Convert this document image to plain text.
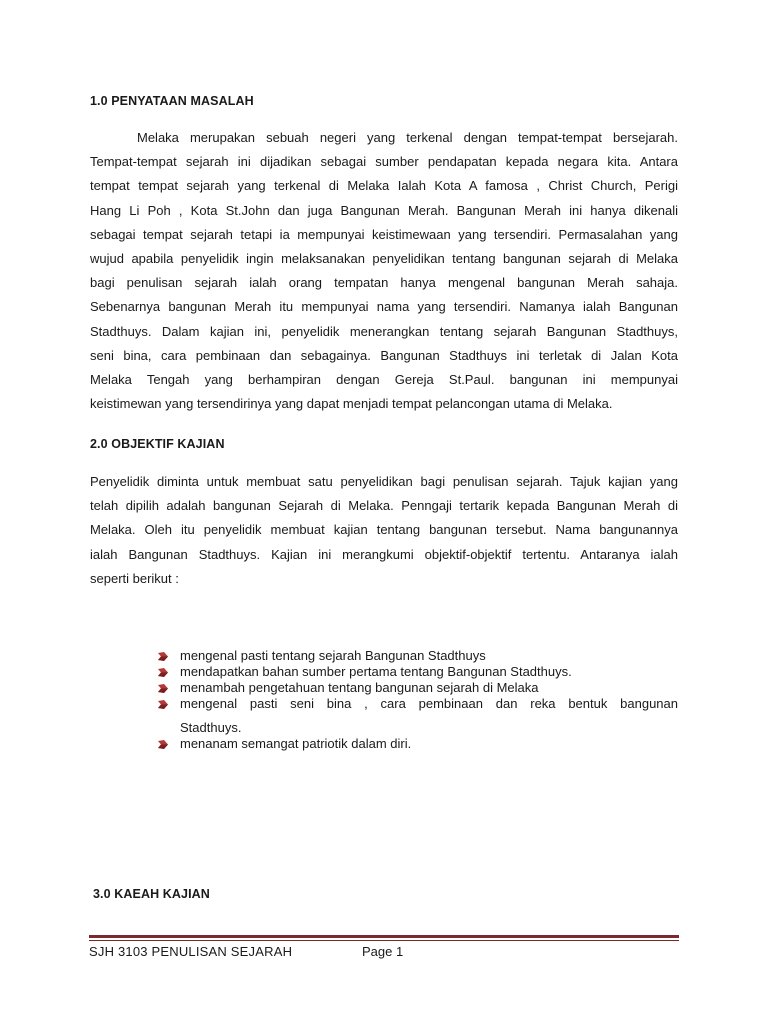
1.0 PENYATAAN MASALAH
Melaka merupakan sebuah negeri yang terkenal dengan tempat-tempat bersejarah.
Tempat-tempat sejarah ini dijadikan sebagai sumber pendapatan kepada negara kita. Antara
tempat tempat sejarah yang terkenal di Melaka Ialah Kota A famosa , Christ Church, Perigi
Hang Li Poh , Kota St.John dan juga Bangunan Merah. Bangunan Merah ini hanya dikenali
sebagai tempat sejarah tetapi ia mempunyai keistimewaan yang tersendiri. Permasalahan yang
wujud apabila penyelidik ingin melaksanakan penyelidikan tentang bangunan sejarah di Melaka
bagi penulisan sejarah ialah orang tempatan hanya mengenal bangunan Merah sahaja.
Sebenarnya bangunan Merah itu mempunyai nama yang tersendiri. Namanya ialah Bangunan
Stadthuys. Dalam kajian ini, penyelidik menerangkan tentang sejarah Bangunan Stadthuys,
seni bina, cara pembinaan dan sebagainya. Bangunan Stadthuys ini terletak di Jalan Kota
Melaka Tengah yang berhampiran dengan Gereja St.Paul. bangunan ini mempunyai
keistimewan yang tersendirinya yang dapat menjadi tempat pelancongan utama di Melaka.
2.0 OBJEKTIF KAJIAN
Penyelidik diminta untuk membuat satu penyelidikan bagi penulisan sejarah. Tajuk kajian yang
telah dipilih adalah bangunan Sejarah di Melaka. Penngaji tertarik kepada Bangunan Merah di
Melaka. Oleh itu penyelidik membuat kajian tentang bangunan tersebut. Nama bangunannya
ialah Bangunan Stadthuys. Kajian ini merangkumi objektif-objektif tertentu. Antaranya ialah
seperti berikut :
mengenal pasti tentang sejarah Bangunan Stadthuys
mendapatkan bahan sumber pertama tentang Bangunan Stadthuys.
menambah pengetahuan tentang bangunan sejarah di Melaka
mengenal pasti seni bina , cara pembinaan dan reka bentuk bangunan
Stadthuys.
menanam semangat patriotik dalam diri.
3.0 KAEAH KAJIAN
SJH 3103 PENULISAN SEJARAH	Page 1
